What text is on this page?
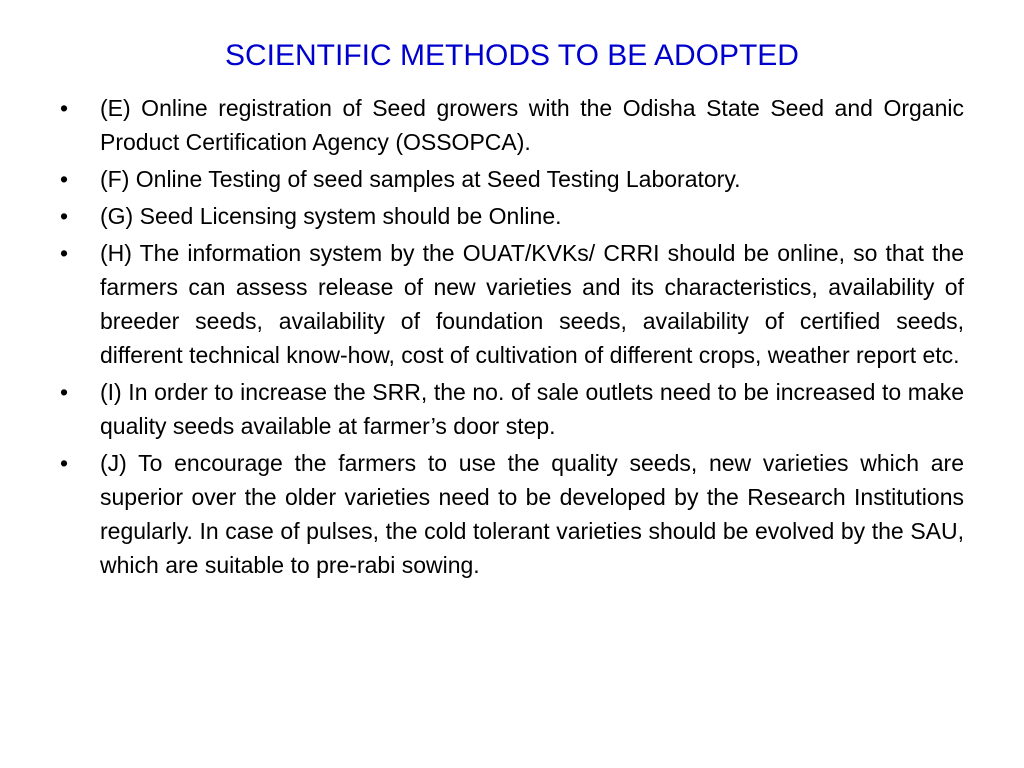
SCIENTIFIC METHODS TO BE ADOPTED
•	(E) Online registration of Seed growers with the Odisha State Seed and Organic Product Certification Agency (OSSOPCA).
•	(F) Online Testing of seed samples at Seed Testing Laboratory.
•	(G) Seed Licensing system should be Online.
•	(H) The information system by the OUAT/KVKs/ CRRI should be online, so that the farmers can assess release of new varieties and its characteristics, availability of breeder seeds, availability of foundation seeds, availability of certified seeds, different technical know-how, cost of cultivation of different crops, weather report etc.
•	(I) In order to increase the SRR, the no. of sale outlets need to be increased to make quality seeds available at farmer’s door step.
•	(J) To encourage the farmers to use the quality seeds, new varieties which are superior over the older varieties need to be developed by the Research Institutions regularly. In case of pulses, the cold tolerant varieties should be evolved by the SAU, which are suitable to pre-rabi sowing.
